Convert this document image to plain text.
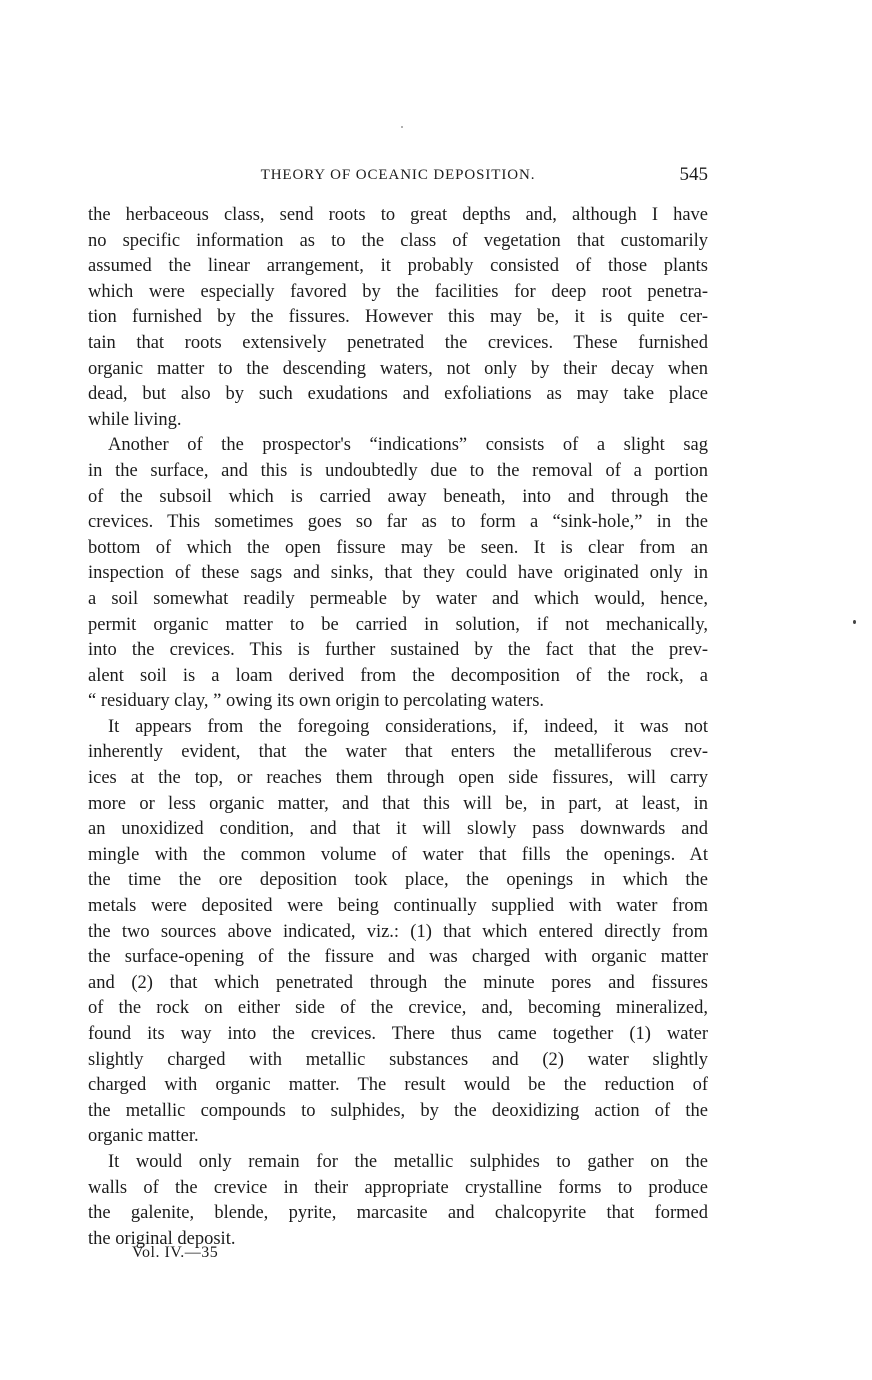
THEORY OF OCEANIC DEPOSITION.	545
the herbaceous class, send roots to great depths and, although I have
no specific information as to the class of vegetation that customarily
assumed the linear arrangement, it probably consisted of those plants
which were especially favored by the facilities for deep root penetra-
tion furnished by the fissures. However this may be, it is quite cer-
tain that roots extensively penetrated the crevices. These furnished
organic matter to the descending waters, not only by their decay when
dead, but also by such exudations and exfoliations as may take place
while living.
Another of the prospector's “indications” consists of a slight sag
in the surface, and this is undoubtedly due to the removal of a portion
of the subsoil which is carried away beneath, into and through the
crevices. This sometimes goes so far as to form a “sink-hole,” in the
bottom of which the open fissure may be seen. It is clear from an
inspection of these sags and sinks, that they could have originated only in
a soil somewhat readily permeable by water and which would, hence,
permit organic matter to be carried in solution, if not mechanically,
into the crevices. This is further sustained by the fact that the prev-
alent soil is a loam derived from the decomposition of the rock, a
“ residuary clay, ” owing its own origin to percolating waters.
It appears from the foregoing considerations, if, indeed, it was not
inherently evident, that the water that enters the metalliferous crev-
ices at the top, or reaches them through open side fissures, will carry
more or less organic matter, and that this will be, in part, at least, in
an unoxidized condition, and that it will slowly pass downwards and
mingle with the common volume of water that fills the openings. At
the time the ore deposition took place, the openings in which the
metals were deposited were being continually supplied with water from
the two sources above indicated, viz.: (1) that which entered directly from
the surface-opening of the fissure and was charged with organic matter
and (2) that which penetrated through the minute pores and fissures
of the rock on either side of the crevice, and, becoming mineralized,
found its way into the crevices. There thus came together (1) water
slightly charged with metallic substances and (2) water slightly
charged with organic matter. The result would be the reduction of
the metallic compounds to sulphides, by the deoxidizing action of the
organic matter.
It would only remain for the metallic sulphides to gather on the
walls of the crevice in their appropriate crystalline forms to produce
the galenite, blende, pyrite, marcasite and chalcopyrite that formed
the original deposit.
Vol. IV.—35
